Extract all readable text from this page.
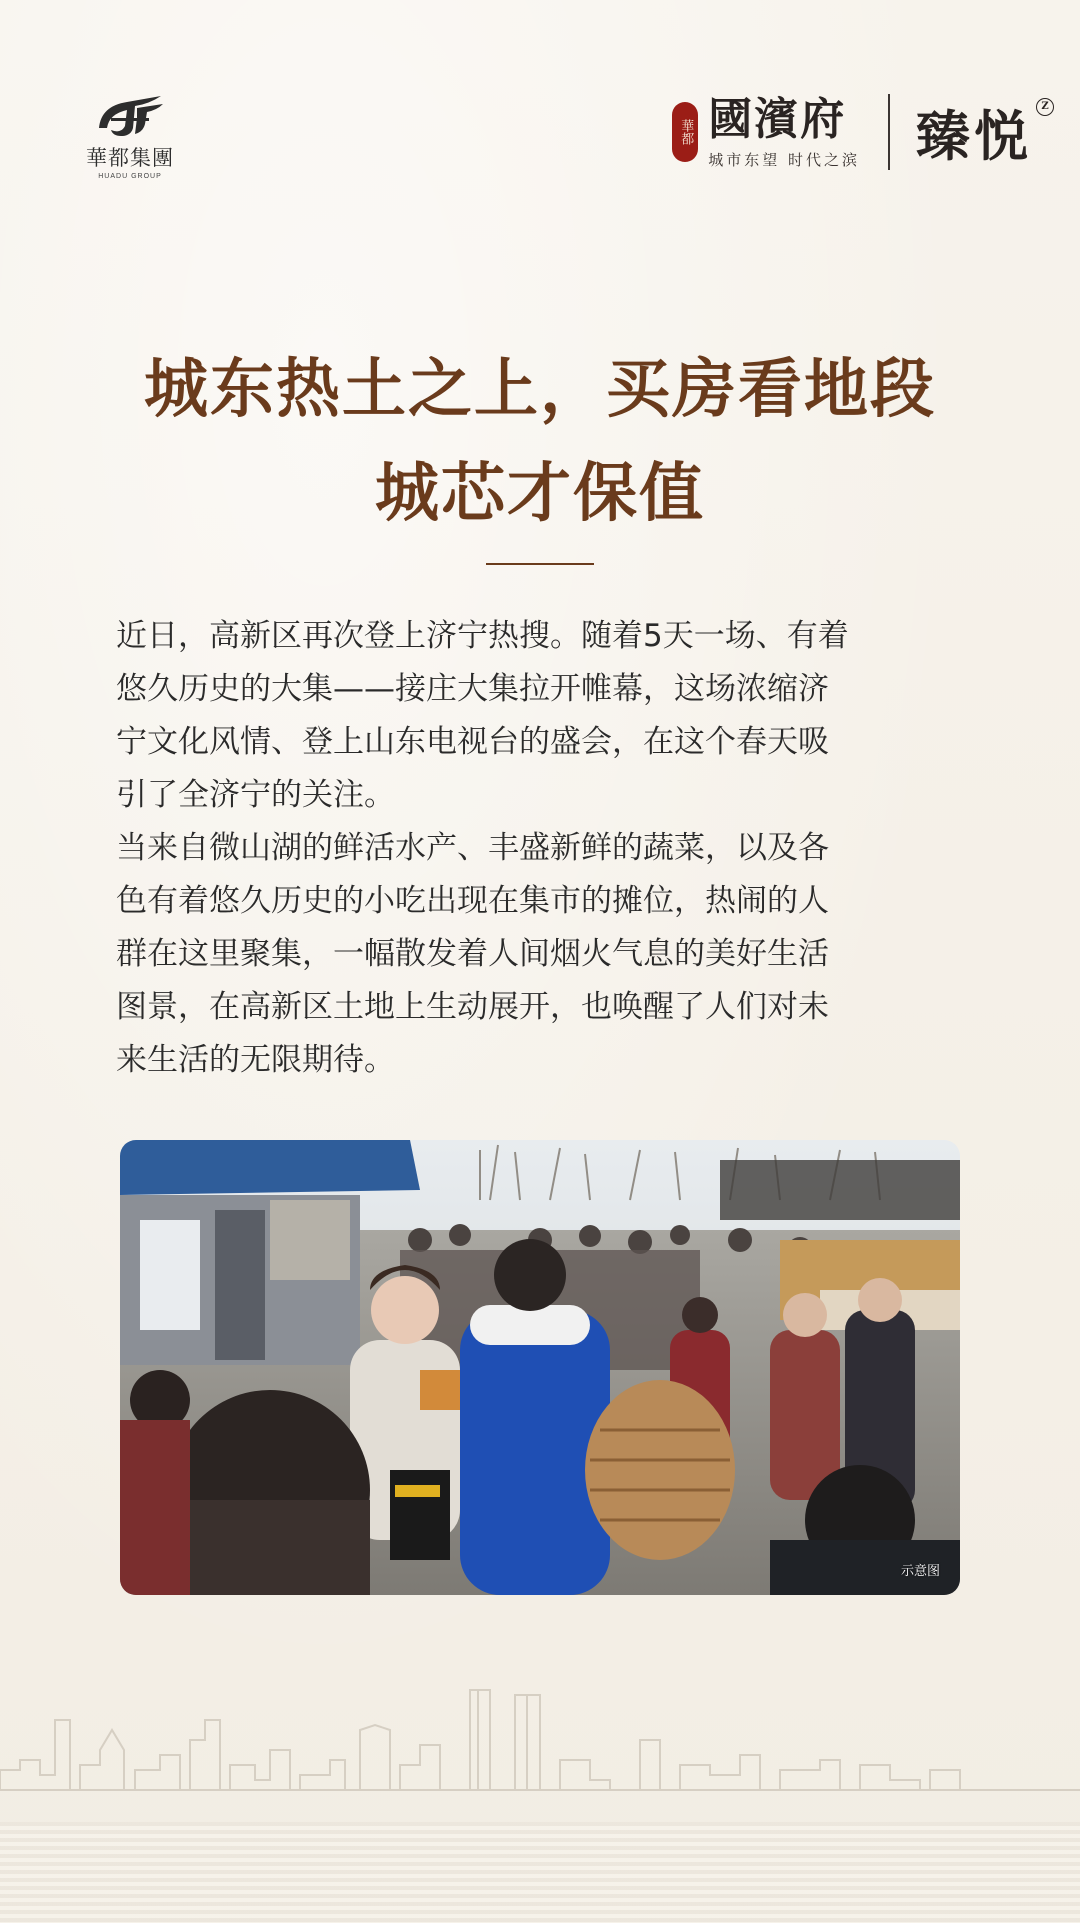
華都集團
HUADU GROUP
華都 國濱府
城市东望 时代之滨 臻悦 Z
城东热土之上，买房看地段
城芯才保值

近日，高新区再次登上济宁热搜。随着5天一场、有着
悠久历史的大集——接庄大集拉开帷幕，这场浓缩济
宁文化风情、登上山东电视台的盛会，在这个春天吸
引了全济宁的关注。

当来自微山湖的鲜活水产、丰盛新鲜的蔬菜，以及各
色有着悠久历史的小吃出现在集市的摊位，热闹的人
群在这里聚集，一幅散发着人间烟火气息的美好生活
图景，在高新区土地上生动展开，也唤醒了人们对未
来生活的无限期待。

示意图
